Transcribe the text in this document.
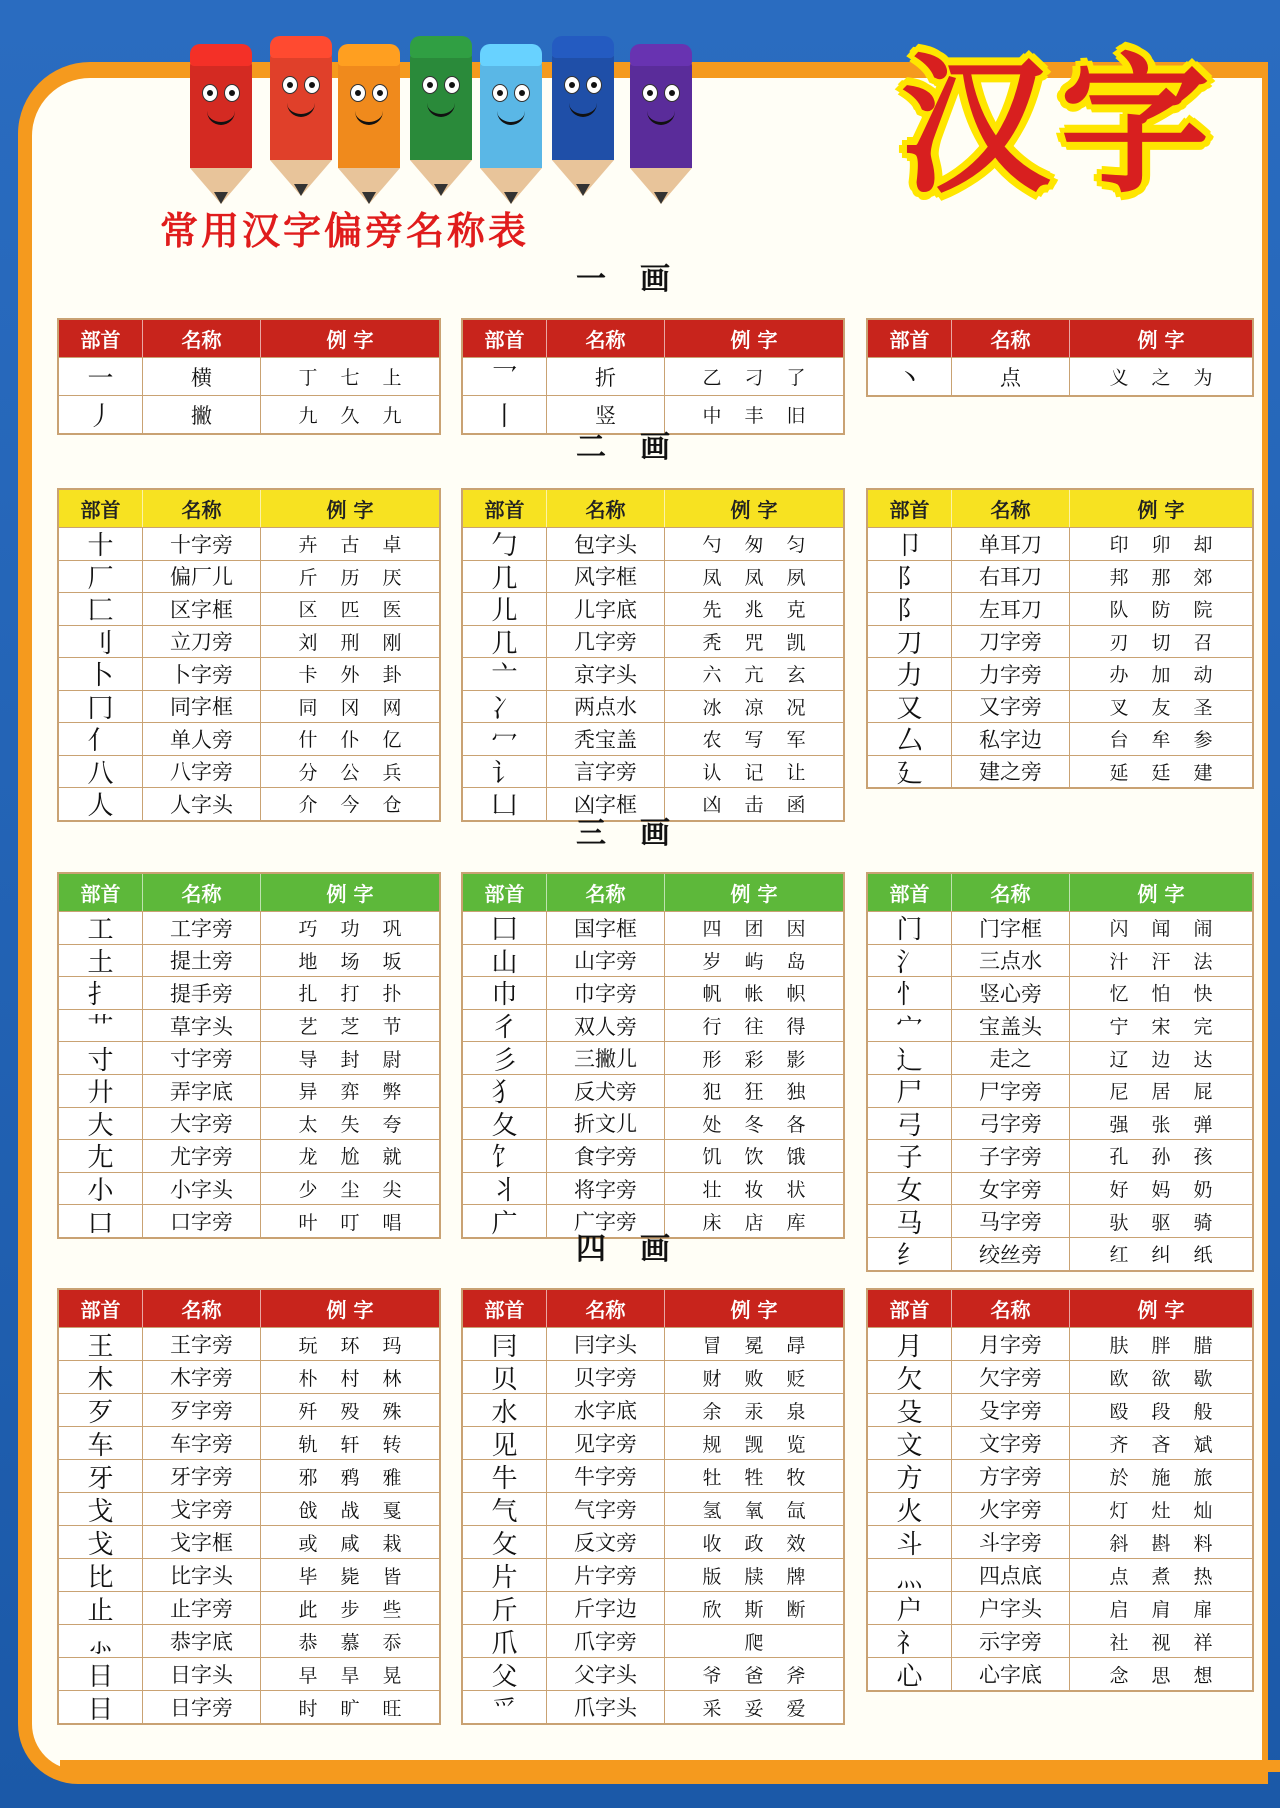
常用汉字偏旁名称表
汉字
一画
部首	名称	例 字
一	横	丁	七	上
丿	撇	九	久	九
部首	名称	例 字
乛	折	乙	刁	了
丨	竖	中	丰	旧
部首	名称	例 字
丶	点	义	之	为
二画
部首	名称	例 字
十	十字旁	卉	古	卓
厂	偏厂儿	斤	历	厌
匚	区字框	区	匹	医
刂	立刀旁	刘	刑	刚
卜	卜字旁	卡	外	卦
冂	同字框	同	冈	网
亻	单人旁	什	仆	亿
八	八字旁	分	公	兵
人	人字头	介	今	仓
部首	名称	例 字
勹	包字头	勺	匆	匀
几	风字框	凤	凤	夙
儿	儿字底	先	兆	克
几	几字旁	秃	咒	凯
亠	京字头	六	亢	玄
冫	两点水	冰	凉	况
冖	秃宝盖	农	写	军
讠	言字旁	认	记	让
凵	凶字框	凶	击	函
部首	名称	例 字
卩	单耳刀	印	卯	却
阝	右耳刀	邦	那	郊
阝	左耳刀	队	防	院
刀	刀字旁	刃	切	召
力	力字旁	办	加	动
又	又字旁	叉	友	圣
厶	私字边	台	牟	参
廴	建之旁	延	廷	建
三画
部首	名称	例 字
工	工字旁	巧	功	巩
土	提土旁	地	场	坂
扌	提手旁	扎	打	扑
艹	草字头	艺	芝	节
寸	寸字旁	导	封	尉
廾	弄字底	异	弈	弊
大	大字旁	太	失	夸
尢	尤字旁	龙	尬	就
小	小字头	少	尘	尖
口	口字旁	叶	叮	唱
部首	名称	例 字
囗	国字框	四	团	因
山	山字旁	岁	屿	岛
巾	巾字旁	帆	帐	帜
彳	双人旁	行	往	得
彡	三撇儿	形	彩	影
犭	反犬旁	犯	狂	独
夂	折文儿	处	冬	各
饣	食字旁	饥	饮	饿
丬	将字旁	壮	妆	状
广	广字旁	床	店	库
部首	名称	例 字
门	门字框	闪	闻	闹
氵	三点水	汁	汗	法
忄	竖心旁	忆	怕	快
宀	宝盖头	宁	宋	完
辶	走之	辽	边	达
尸	尸字旁	尼	居	屁
弓	弓字旁	强	张	弹
子	子字旁	孔	孙	孩
女	女字旁	好	妈	奶
马	马字旁	驮	驱	骑
纟	绞丝旁	红	纠	纸
四画
部首	名称	例 字
王	王字旁	玩	环	玛
木	木字旁	朴	村	林
歹	歹字旁	歼	殁	殊
车	车字旁	轨	轩	转
牙	牙字旁	邪	鸦	雅
戈	戈字旁	戗	战	戛
戈	戈字框	或	咸	栽
比	比字头	毕	毙	皆
止	止字旁	此	步	些
⺗	恭字底	恭	慕	忝
日	日字头	早	旱	晃
日	日字旁	时	旷	旺
部首	名称	例 字
冃	冃字头	冒	冕	冔
贝	贝字旁	财	败	贬
水	水字底	余	汞	泉
见	见字旁	规	觊	览
牛	牛字旁	牡	牲	牧
气	气字旁	氢	氧	氙
攵	反文旁	收	政	效
片	片字旁	版	牍	牌
斤	斤字边	欣	斯	断
爪	爪字旁	爬
父	父字头	爷	爸	斧
爫	爪字头	采	妥	爱
部首	名称	例 字
月	月字旁	肤	胖	腊
欠	欠字旁	欧	欲	歇
殳	殳字旁	殴	段	般
文	文字旁	齐	吝	斌
方	方字旁	於	施	旅
火	火字旁	灯	灶	灿
斗	斗字旁	斜	斟	料
灬	四点底	点	煮	热
户	户字头	启	肩	扉
礻	示字旁	社	视	祥
心	心字底	念	思	想
